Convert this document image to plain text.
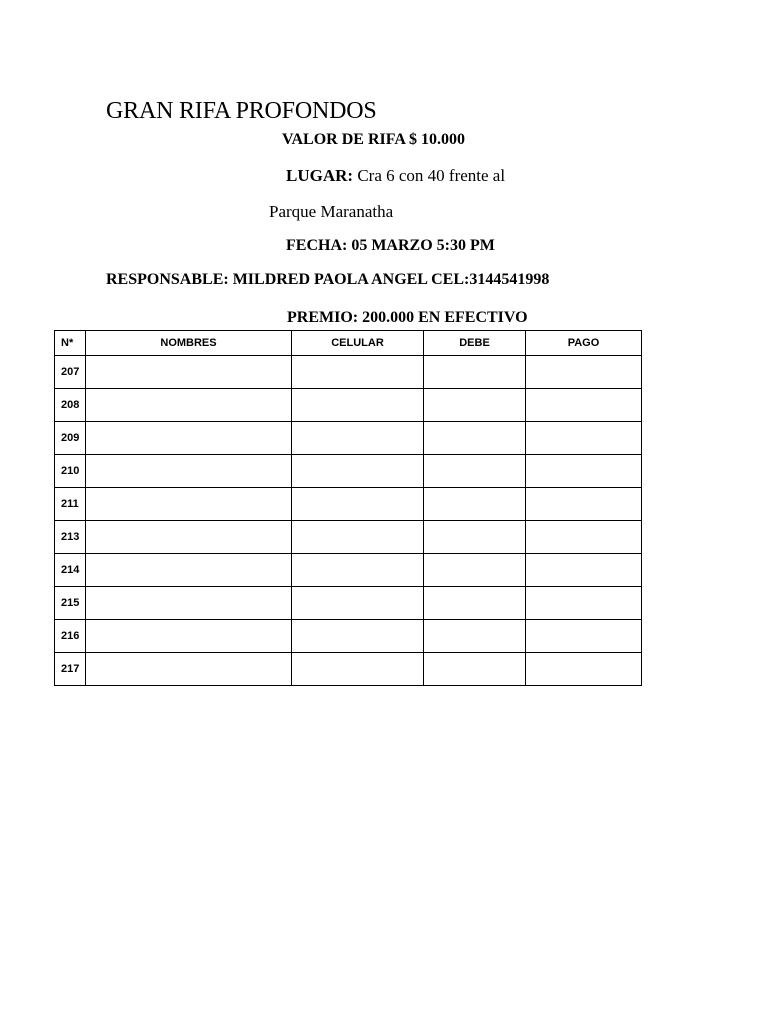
GRAN RIFA PROFONDOS
VALOR DE RIFA $ 10.000
LUGAR: Cra 6 con 40 frente al
Parque Maranatha
FECHA: 05 MARZO 5:30 PM
RESPONSABLE: MILDRED PAOLA ANGEL CEL:3144541998
PREMIO: 200.000 EN EFECTIVO
N*	NOMBRES	CELULAR	DEBE	PAGO
207				
208				
209				
210				
211				
213				
214				
215				
216				
217				
